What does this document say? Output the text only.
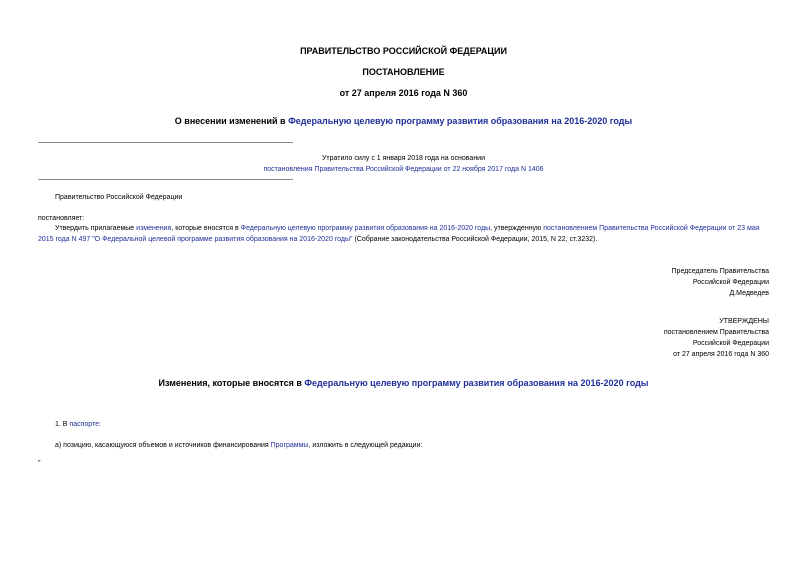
ПРАВИТЕЛЬСТВО РОССИЙСКОЙ ФЕДЕРАЦИИ
ПОСТАНОВЛЕНИЕ
от 27 апреля 2016 года N 360
О внесении изменений в Федеральную целевую программу развития образования на 2016-2020 годы
Утратило силу с 1 января 2018 года на основании
постановления Правительства Российской Федерации от 22 ноября 2017 года N 1406
Правительство Российской Федерации
постановляет:
Утвердить прилагаемые изменения, которые вносятся в Федеральную целевую программу развития образования на 2016-2020 годы, утвержденную постановлением Правительства Российской Федерации от 23 мая 2015 года N 497 "О Федеральной целевой программе развития образования на 2016-2020 годы" (Собрание законодательства Российской Федерации, 2015, N 22, ст.3232).
Председатель Правительства
Российской Федерации
Д.Медведев
УТВЕРЖДЕНЫ
постановлением Правительства
Российской Федерации
от 27 апреля 2016 года N 360
Изменения, которые вносятся в Федеральную целевую программу развития образования на 2016-2020 годы
1. В паспорте:
а) позицию, касающуюся объемов и источников финансирования Программы, изложить в следующей редакции:
"
